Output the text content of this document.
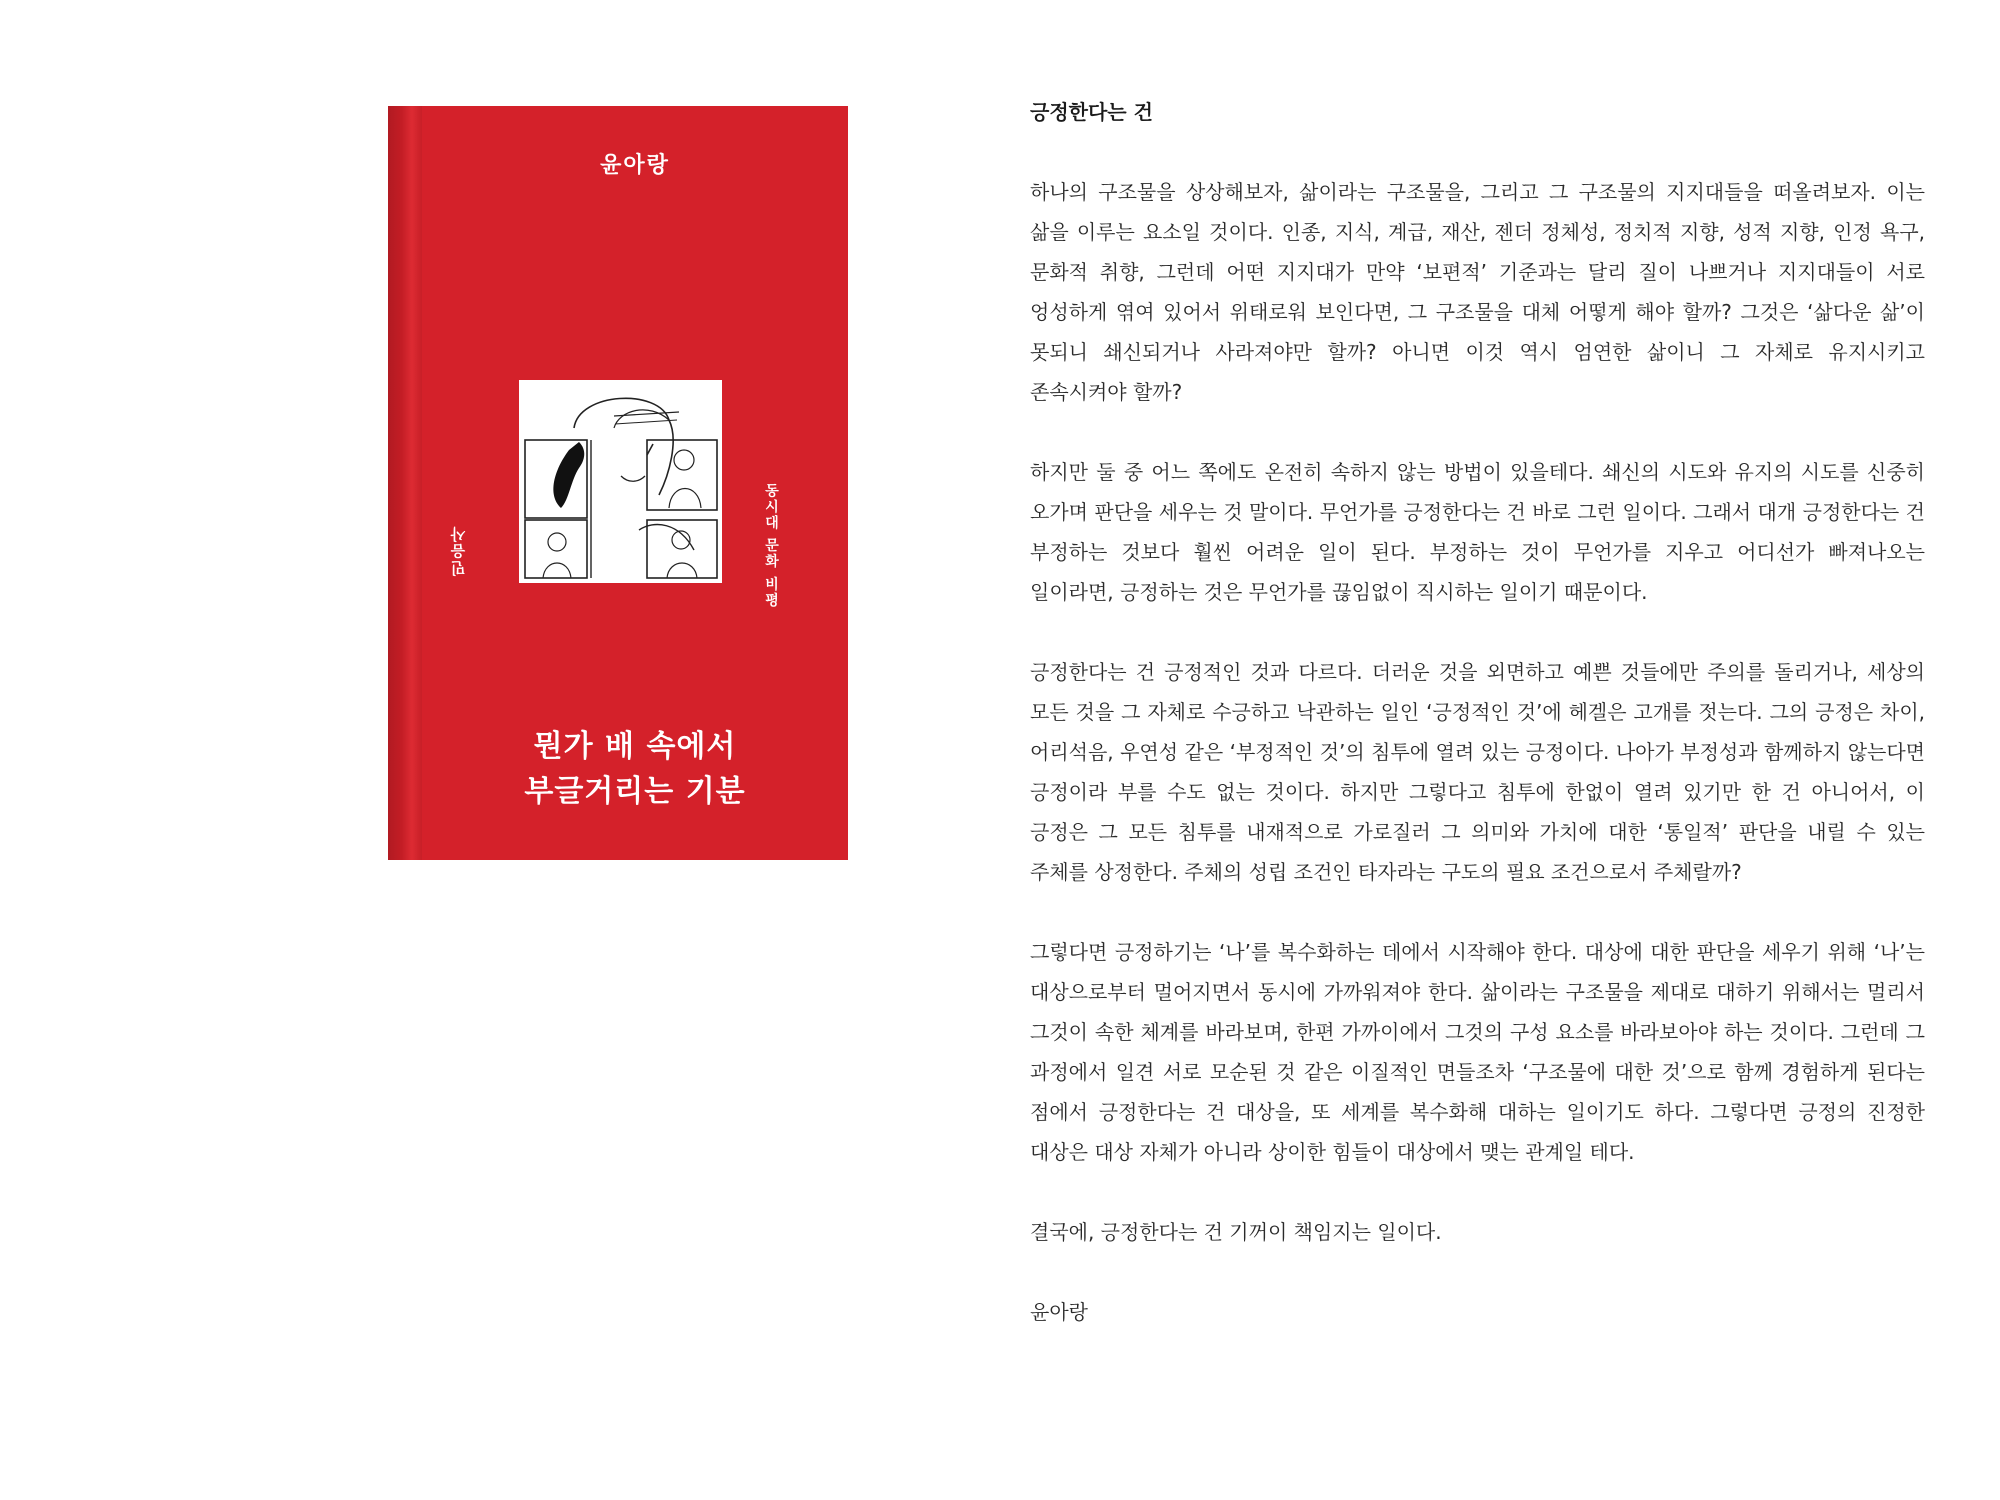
윤아랑
민음사	동시대 문화 비평
뭔가 배 속에서
부글거리는 기분
긍정한다는 건

하나의 구조물을 상상해보자, 삶이라는 구조물을, 그리고 그 구조물의 지지대들을 떠올려보자. 이는 삶을 이루는 요소일 것이다. 인종, 지식, 계급, 재산, 젠더 정체성, 정치적 지향, 성적 지향, 인정 욕구, 문화적 취향, 그런데 어떤 지지대가 만약 ‘보편적’ 기준과는 달리 질이 나쁘거나 지지대들이 서로 엉성하게 엮여 있어서 위태로워 보인다면, 그 구조물을 대체 어떻게 해야 할까? 그것은 ‘삶다운 삶’이 못되니 쇄신되거나 사라져야만 할까? 아니면 이것 역시 엄연한 삶이니 그 자체로 유지시키고 존속시켜야 할까?

하지만 둘 중 어느 쪽에도 온전히 속하지 않는 방법이 있을테다. 쇄신의 시도와 유지의 시도를 신중히 오가며 판단을 세우는 것 말이다. 무언가를 긍정한다는 건 바로 그런 일이다. 그래서 대개 긍정한다는 건 부정하는 것보다 훨씬 어려운 일이 된다. 부정하는 것이 무언가를 지우고 어디선가 빠져나오는 일이라면, 긍정하는 것은 무언가를 끊임없이 직시하는 일이기 때문이다.

긍정한다는 건 긍정적인 것과 다르다. 더러운 것을 외면하고 예쁜 것들에만 주의를 돌리거나, 세상의 모든 것을 그 자체로 수긍하고 낙관하는 일인 ‘긍정적인 것’에 헤겔은 고개를 젓는다. 그의 긍정은 차이, 어리석음, 우연성 같은 ‘부정적인 것’의 침투에 열려 있는 긍정이다. 나아가 부정성과 함께하지 않는다면 긍정이라 부를 수도 없는 것이다. 하지만 그렇다고 침투에 한없이 열려 있기만 한 건 아니어서, 이 긍정은 그 모든 침투를 내재적으로 가로질러 그 의미와 가치에 대한 ‘통일적’ 판단을 내릴 수 있는 주체를 상정한다. 주체의 성립 조건인 타자라는 구도의 필요 조건으로서 주체랄까?

그렇다면 긍정하기는 ‘나’를 복수화하는 데에서 시작해야 한다. 대상에 대한 판단을 세우기 위해 ‘나’는 대상으로부터 멀어지면서 동시에 가까워져야 한다. 삶이라는 구조물을 제대로 대하기 위해서는 멀리서 그것이 속한 체계를 바라보며, 한편 가까이에서 그것의 구성 요소를 바라보아야 하는 것이다. 그런데 그 과정에서 일견 서로 모순된 것 같은 이질적인 면들조차 ‘구조물에 대한 것’으로 함께 경험하게 된다는 점에서 긍정한다는 건 대상을, 또 세계를 복수화해 대하는 일이기도 하다. 그렇다면 긍정의 진정한 대상은 대상 자체가 아니라 상이한 힘들이 대상에서 맺는 관계일 테다.

결국에, 긍정한다는 건 기꺼이 책임지는 일이다.

윤아랑
